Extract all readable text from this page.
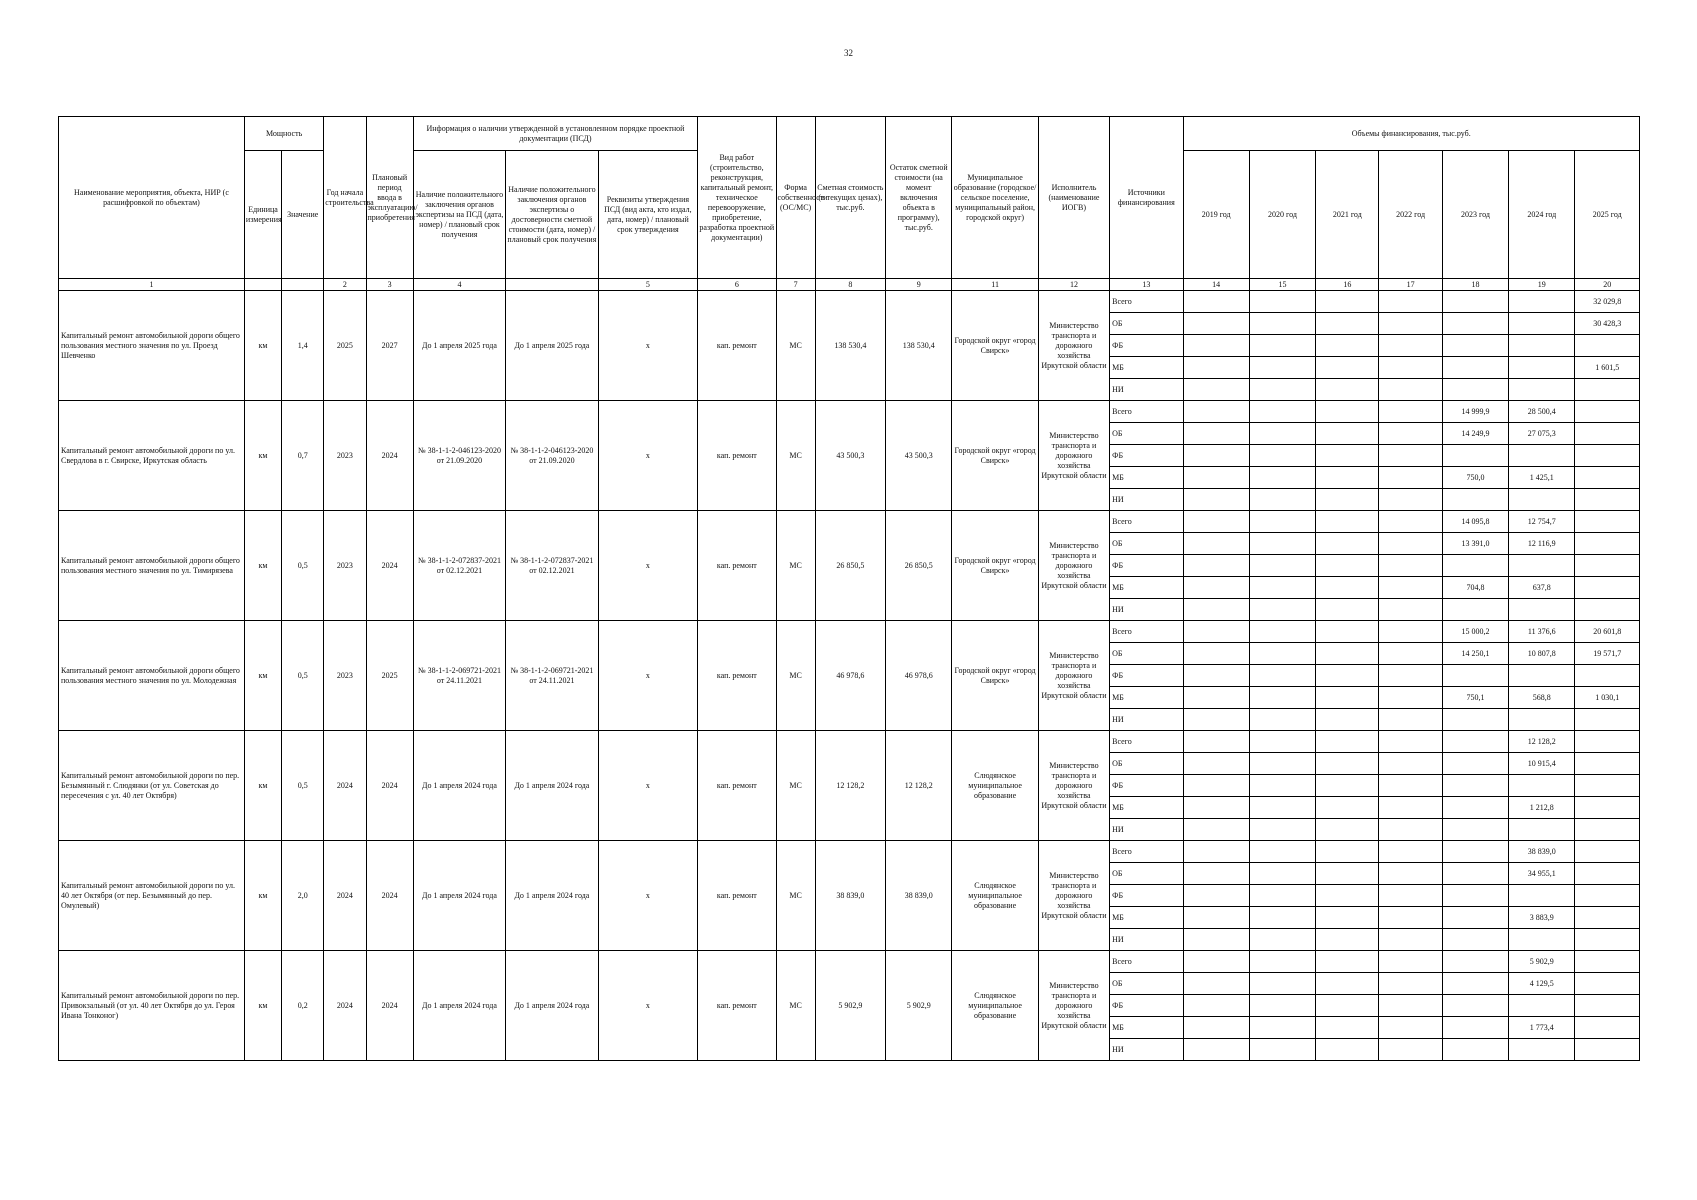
32
Наименование мероприятия, объекта, НИР (с расшифровкой по объектам)	Мощность		Год начала строительства	Плановый период ввода в эксплуатацию/приобретения	Информация о наличии утвержденной в установленном порядке проектной документации (ПСД)			Вид работ (строительство, реконструкция, капитальный ремонт, техническое перевооружение, приобретение, разработка проектной документации)	Форма собственности (ОС/МС)	Сметная стоимость (в текущих ценах), тыс.руб.	Остаток сметной стоимости (на момент включения объекта в программу), тыс.руб.	Муниципальное образование (городское/сельское поселение, муниципальный район, городской округ)	Исполнитель (наименование ИОГВ)	Источники финансирования	Объемы финансирования, тыс.руб.						
	Единица измерения	Значение			Наличие положительного заключения органов экспертизы на ПСД (дата, номер) / плановый срок получения	Наличие положительного заключения органов экспертизы о достоверности сметной стоимости (дата, номер) / плановый срок получения	Реквизиты утверждения ПСД (вид акта, кто издал, дата, номер) / плановый срок утверждения								2019 год	2020 год	2021 год	2022 год	2023 год	2024 год	2025 год
1			2	3	4		5	6	7	8	9	11	12	13	14	15	16	17	18	19	20
Капитальный ремонт автомобильной дороги общего пользования местного значения по ул. Проезд Шевченко	км	1,4	2025	2027	До 1 апреля 2025 года	До 1 апреля 2025 года	x	кап. ремонт	МС	138 530,4	138 530,4	Городской округ «город Свирск»	Министерство транспорта и дорожного хозяйства Иркутской области	Всего							32 029,8
														ОБ							30 428,3
														ФБ							
														МБ							1 601,5
														НИ							
Капитальный ремонт автомобильной дороги по ул. Свердлова в г. Свирске, Иркутская область	км	0,7	2023	2024	№ 38-1-1-2-046123-2020 от 21.09.2020	№ 38-1-1-2-046123-2020 от 21.09.2020	x	кап. ремонт	МС	43 500,3	43 500,3	Городской округ «город Свирск»	Министерство транспорта и дорожного хозяйства Иркутской области	Всего					14 999,9	28 500,4	
														ОБ					14 249,9	27 075,3	
														ФБ							
														МБ					750,0	1 425,1	
														НИ							
Капитальный ремонт автомобильной дороги общего пользования местного значения по ул. Тимирязева	км	0,5	2023	2024	№ 38-1-1-2-072837-2021 от 02.12.2021	№ 38-1-1-2-072837-2021 от 02.12.2021	x	кап. ремонт	МС	26 850,5	26 850,5	Городской округ «город Свирск»	Министерство транспорта и дорожного хозяйства Иркутской области	Всего					14 095,8	12 754,7	
														ОБ					13 391,0	12 116,9	
														ФБ							
														МБ					704,8	637,8	
														НИ							
Капитальный ремонт автомобильной дороги общего пользования местного значения по ул. Молодежная	км	0,5	2023	2025	№ 38-1-1-2-069721-2021 от 24.11.2021	№ 38-1-1-2-069721-2021 от 24.11.2021	x	кап. ремонт	МС	46 978,6	46 978,6	Городской округ «город Свирск»	Министерство транспорта и дорожного хозяйства Иркутской области	Всего					15 000,2	11 376,6	20 601,8
														ОБ					14 250,1	10 807,8	19 571,7
														ФБ							
														МБ					750,1	568,8	1 030,1
														НИ							
Капитальный ремонт автомобильной дороги по пер. Безымянный г. Слюдянки (от ул. Советская до пересечения с ул. 40 лет Октября)	км	0,5	2024	2024	До 1 апреля 2024 года	До 1 апреля 2024 года	x	кап. ремонт	МС	12 128,2	12 128,2	Слюдянское муниципальное образование	Министерство транспорта и дорожного хозяйства Иркутской области	Всего						12 128,2	
														ОБ						10 915,4	
														ФБ							
														МБ						1 212,8	
														НИ							
Капитальный ремонт автомобильной дороги по ул. 40 лет Октября (от пер. Безымянный до пер. Омулевый)	км	2,0	2024	2024	До 1 апреля 2024 года	До 1 апреля 2024 года	x	кап. ремонт	МС	38 839,0	38 839,0	Слюдянское муниципальное образование	Министерство транспорта и дорожного хозяйства Иркутской области	Всего						38 839,0	
														ОБ						34 955,1	
														ФБ							
														МБ						3 883,9	
														НИ							
Капитальный ремонт автомобильной дороги по пер. Привокзальный (от ул. 40 лет Октября до ул. Героя Ивана Тонконог)	км	0,2	2024	2024	До 1 апреля 2024 года	До 1 апреля 2024 года	x	кап. ремонт	МС	5 902,9	5 902,9	Слюдянское муниципальное образование	Министерство транспорта и дорожного хозяйства Иркутской области	Всего						5 902,9	
														ОБ						4 129,5	
														ФБ							
														МБ						1 773,4	
														НИ							
